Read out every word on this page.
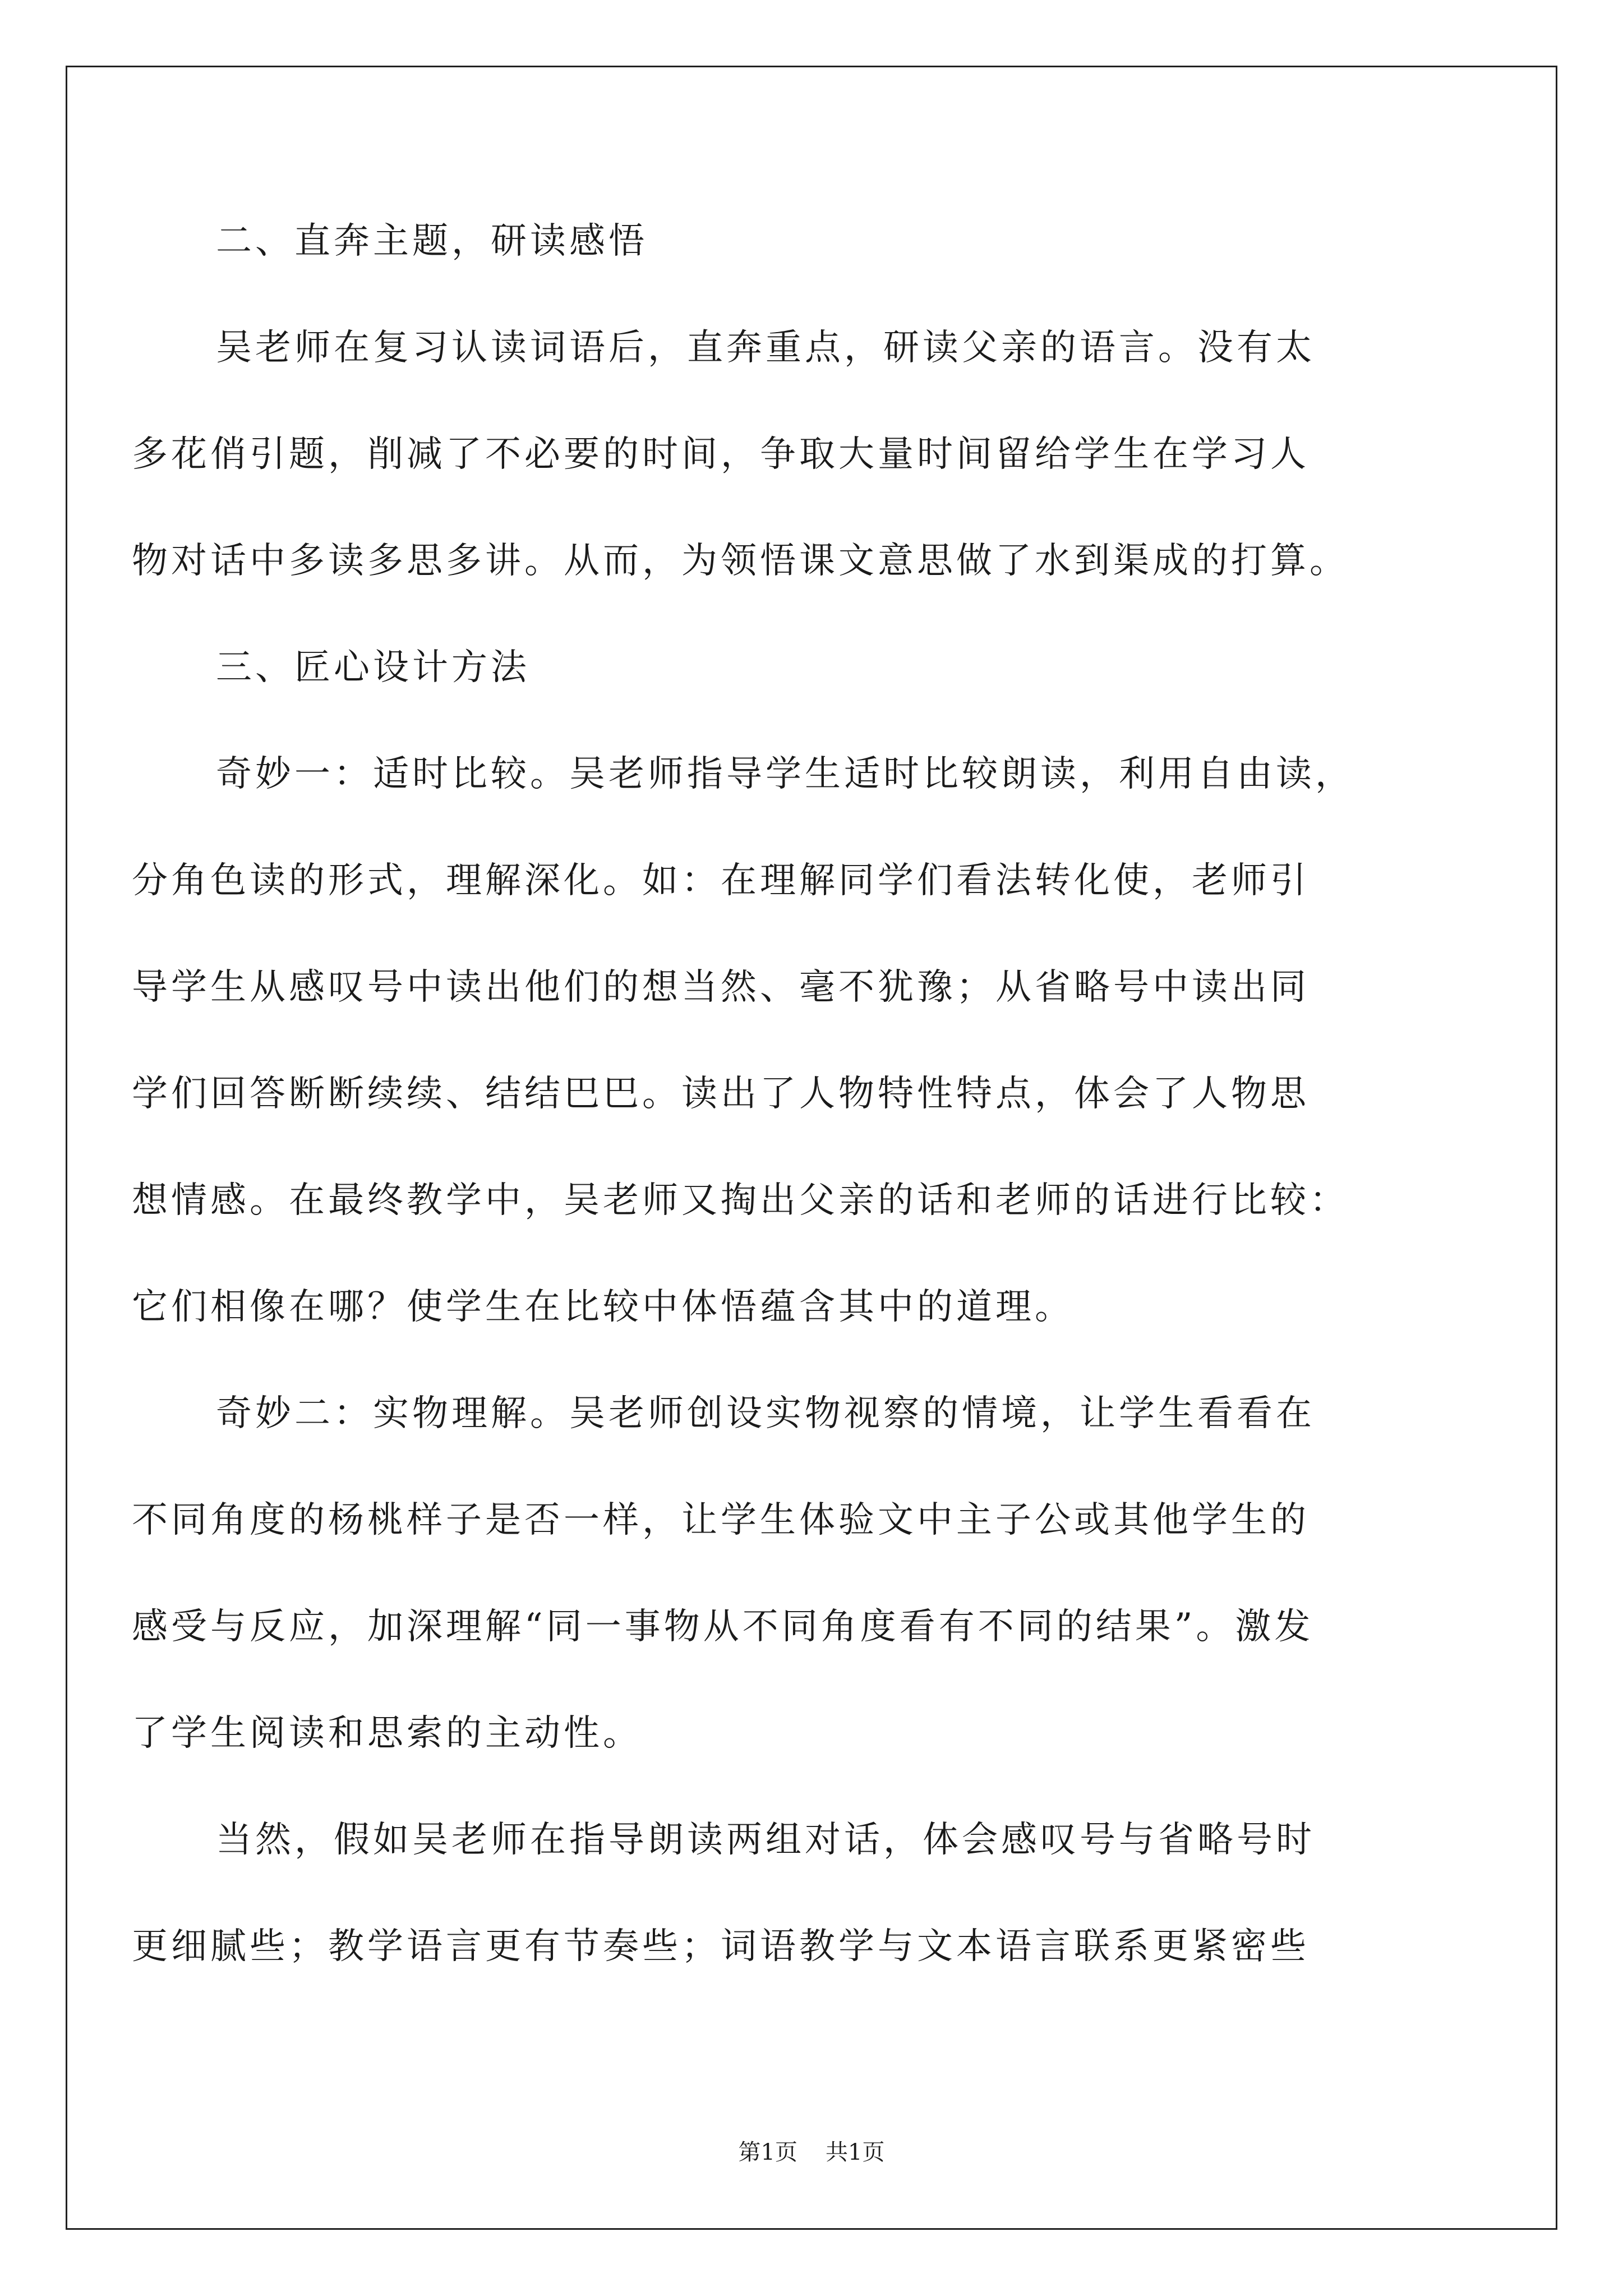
二、直奔主题，研读感悟
吴老师在复习认读词语后，直奔重点，研读父亲的语言。没有太
多花俏引题，削减了不必要的时间，争取大量时间留给学生在学习人
物对话中多读多思多讲。从而，为领悟课文意思做了水到渠成的打算。
三、匠心设计方法
奇妙一：适时比较。吴老师指导学生适时比较朗读，利用自由读，
分角色读的形式，理解深化。如：在理解同学们看法转化使，老师引
导学生从感叹号中读出他们的想当然、毫不犹豫；从省略号中读出同
学们回答断断续续、结结巴巴。读出了人物特性特点，体会了人物思
想情感。在最终教学中，吴老师又掏出父亲的话和老师的话进行比较：
它们相像在哪？使学生在比较中体悟蕴含其中的道理。
奇妙二：实物理解。吴老师创设实物视察的情境，让学生看看在
不同角度的杨桃样子是否一样，让学生体验文中主子公或其他学生的
感受与反应，加深理解“同一事物从不同角度看有不同的结果”。激发
了学生阅读和思索的主动性。
当然，假如吴老师在指导朗读两组对话，体会感叹号与省略号时
更细腻些；教学语言更有节奏些；词语教学与文本语言联系更紧密些
第1页 共1页
